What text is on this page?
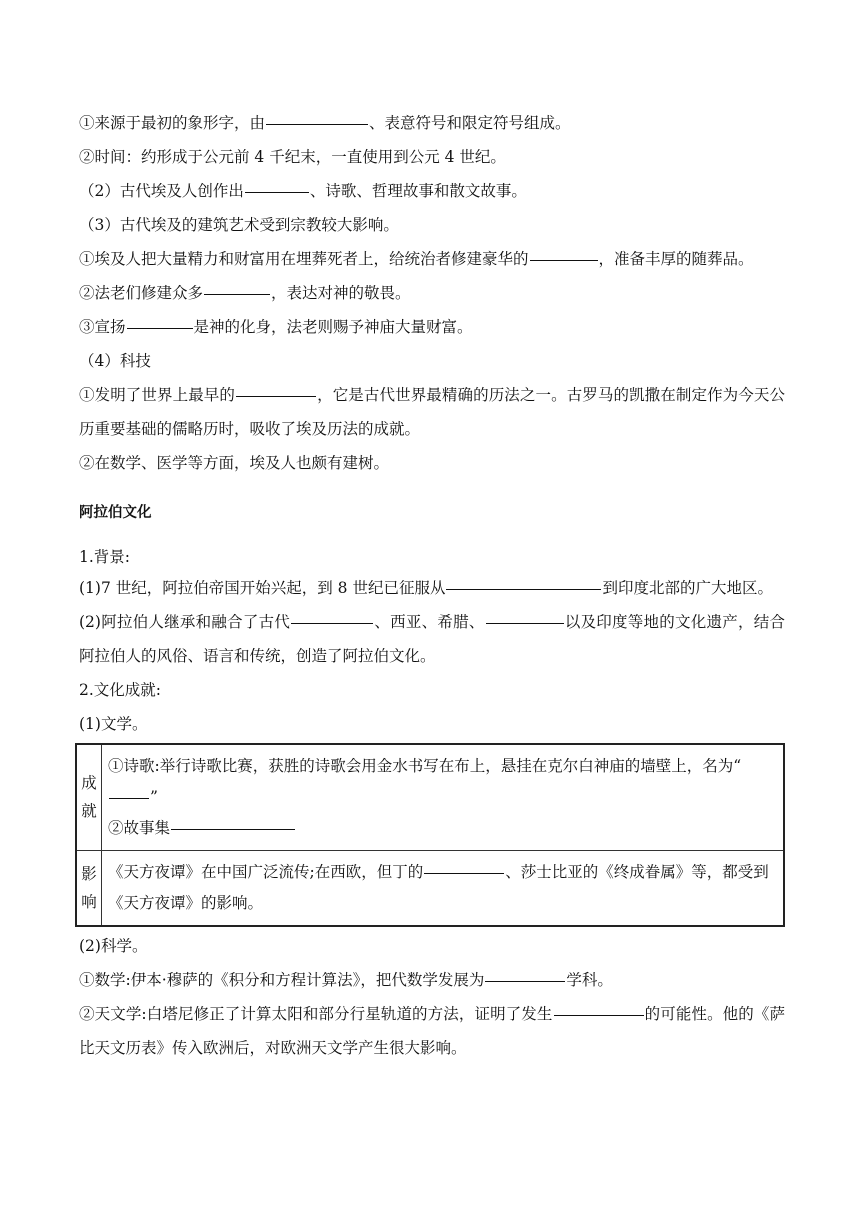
①来源于最初的象形字，由	、表意符号和限定符号组成。

②时间：约形成于公元前 4 千纪末，一直使用到公元 4 世纪。

（2）古代埃及人创作出	、诗歌、哲理故事和散文故事。

（3）古代埃及的建筑艺术受到宗教较大影响。

①埃及人把大量精力和财富用在埋葬死者上，给统治者修建豪华的	，准备丰厚的随葬品。

②法老们修建众多	，表达对神的敬畏。

③宣扬	是神的化身，法老则赐予神庙大量财富。

（4）科技

①发明了世界上最早的	，它是古代世界最精确的历法之一。古罗马的凯撒在制定作为今天公历重要基础的儒略历时，吸收了埃及历法的成就。

②在数学、医学等方面，埃及人也颇有建树。

阿拉伯文化

1.背景:

(1)7 世纪，阿拉伯帝国开始兴起，到 8 世纪已征服从	到印度北部的广大地区。

(2)阿拉伯人继承和融合了古代	、西亚、希腊、	以及印度等地的文化遗产，结合阿拉伯人的风俗、语言和传统，创造了阿拉伯文化。

2.文化成就:

(1)文学。

成就	①诗歌:举行诗歌比赛，获胜的诗歌会用金水书写在布上，悬挂在克尔白神庙的墙壁上，名为“”
②故事集

影响	《天方夜谭》在中国广泛流传;在西欧，但丁的 、莎士比亚的《终成眷属》等，都受到《天方夜谭》的影响。

(2)科学。

①数学:伊本·穆萨的《积分和方程计算法》，把代数学发展为	学科。

②天文学:白塔尼修正了计算太阳和部分行星轨道的方法，证明了发生	的可能性。他的《萨比天文历表》传入欧洲后，对欧洲天文学产生很大影响。
